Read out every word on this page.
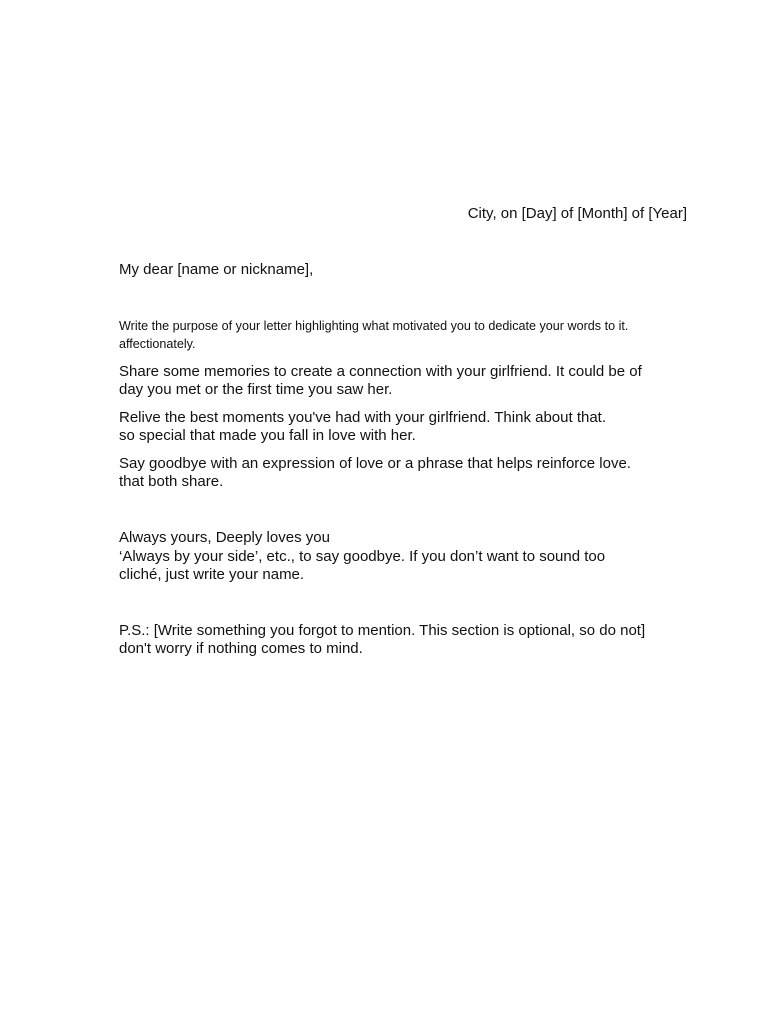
City, on [Day] of [Month] of [Year]
My dear [name or nickname],
Write the purpose of your letter highlighting what motivated you to dedicate your words to it.
affectionately.
Share some memories to create a connection with your girlfriend. It could be of
day you met or the first time you saw her.
Relive the best moments you've had with your girlfriend. Think about that.
so special that made you fall in love with her.
Say goodbye with an expression of love or a phrase that helps reinforce love.
that both share.
Always yours, Deeply loves you
‘Always by your side’, etc., to say goodbye. If you don’t want to sound too
cliché, just write your name.
P.S.: [Write something you forgot to mention. This section is optional, so do not]
don't worry if nothing comes to mind.
